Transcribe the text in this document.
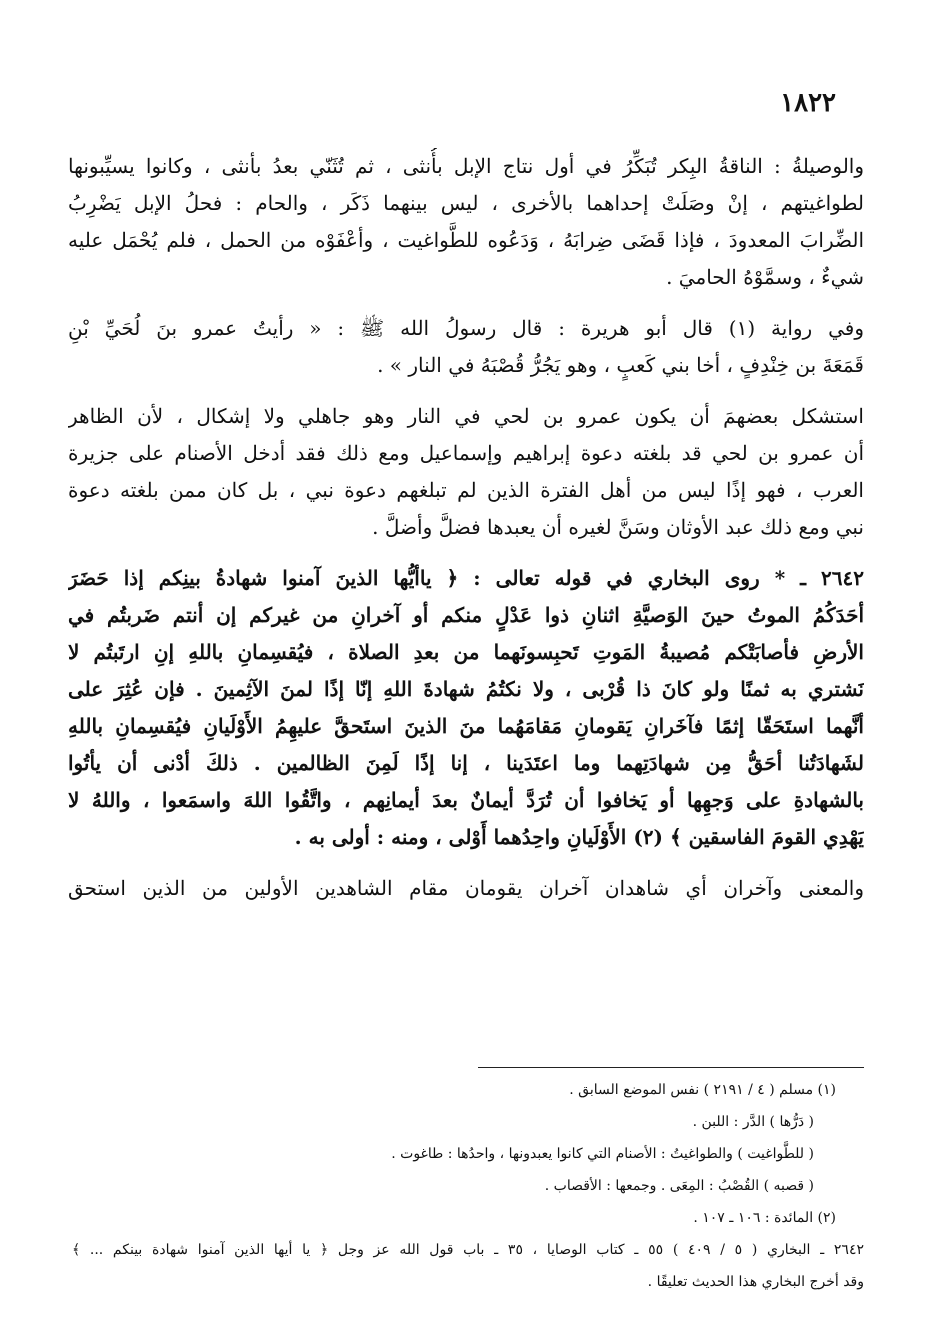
١٨٢٢
والوصيلةُ : الناقةُ البِكر تُبَكِّرُ في أول نتاج الإبل بأُنثى ، ثم تُثَنّي بعدُ بأنثى ، وكانوا يسيِّبونها
لطواغيتهم ، إنْ وصَلَتْ إحداهما بالأخرى ، ليس بينهما ذَكَر ، والحام : فحلُ الإبل يَضْرِبُ
الضِّرابَ المعدودَ ، فإذا قَضَى ضِرابَهُ ، وَدَعُوه للطَّواغيت ، وأعْفَوْه من الحمل ، فلم يُحْمَل عليه
شيءٌ ، وسمَّوْهُ الحاميَ .
وفي رواية (١) قال أبو هريرة : قال رسولُ الله ﷺ : « رأيتُ عمرو بنَ لُحَيِّ بْنِ
قَمَعَةَ بن خِنْدِفٍ ، أخا بني كَعبٍ ، وهو يَجُرُّ قُصْبَهُ في النار » .
استشكل بعضهمَ أن يكون عمرو بن لحي في النار وهو جاهلي ولا إشكال ، لأن الظاهر
أن عمرو بن لحي قد بلغته دعوة إبراهيم وإسماعيل ومع ذلك فقد أدخل الأصنام على جزيرة
العرب ، فهو إذًا ليس من أهل الفترة الذين لم تبلغهم دعوة نبي ، بل كان ممن بلغته دعوة
نبي ومع ذلك عبد الأوثان وسَنَّ لغيره أن يعبدها فضلَّ وأضلَّ .
٢٦٤٢ ـ * روى البخاري في قوله تعالى : ﴿ ياأيُّها الذينَ آمنوا شهادةُ بينِكم إذا حَضَرَ
أحَدَكُمُ الموتُ حينَ الوَصيَّةِ اثنانِ ذوا عَدْلٍ منكم أو آخرانِ من غيركم إن أنتم ضَربتُم في
الأرضِ فأصابَتْكم مُصيبةُ المَوتِ تَحبِسونَهما من بعدِ الصلاة ، فيُقسِمانِ باللهِ إنِ ارتَبتُم لا
نَشتري به ثمنًا ولو كانَ ذا قُرْبى ، ولا نكتُمُ شهادةَ اللهِ إنّا إذًا لمنَ الآثِمينَ . فإن عُثِرَ على
أنَّهما استَحَقّا إثمًا فآخَرانِ يَقومانِ مَقامَهُما منَ الذينَ استَحقَّ عليهِمُ الأَوْلَيانِ فيُقسِمانِ باللهِ
لشَهادَتُنا أحَقُّ مِن شهادَتِهما وما اعتَدَينا ، إنا إذًا لَمِنَ الظالمين . ذلكَ أدْنى أن يأتُوا
بالشهادةِ على وَجهِها أو يَخافوا أن تُرَدَّ أيمانٌ بعدَ أيمانِهم ، واتَّقُوا اللهَ واسمَعوا ، واللهُ لا
يَهْدِي القومَ الفاسقين ﴾ (٢) الأَوْلَيانِ واحِدُهما أَوْلى ، ومنه : أولى به .
والمعنى وآخران أي شاهدان آخران يقومان مقام الشاهدين الأولين من الذين استحق
(١) مسلم ( ٤ / ٢١٩١ ) نفس الموضع السابق .
( دَرُّها ) الدَّر : اللبن .
( للطَّواغيت ) والطواغيتُ : الأصنام التي كانوا يعبدونها ، واحدُها : طاغوت .
( قصبه ) القُصْبُ : المِعَى . وجمعها : الأقصاب .
(٢) المائدة : ١٠٦ ـ ١٠٧ .
٢٦٤٢ ـ البخاري ( ٥ / ٤٠٩ ) ٥٥ ـ كتاب الوصايا ، ٣٥ ـ باب قول الله عز وجل ﴿ يا أيها الذين آمنوا شهادة بينكم ... ﴾
وقد أخرج البخاري هذا الحديث تعليقًا .
